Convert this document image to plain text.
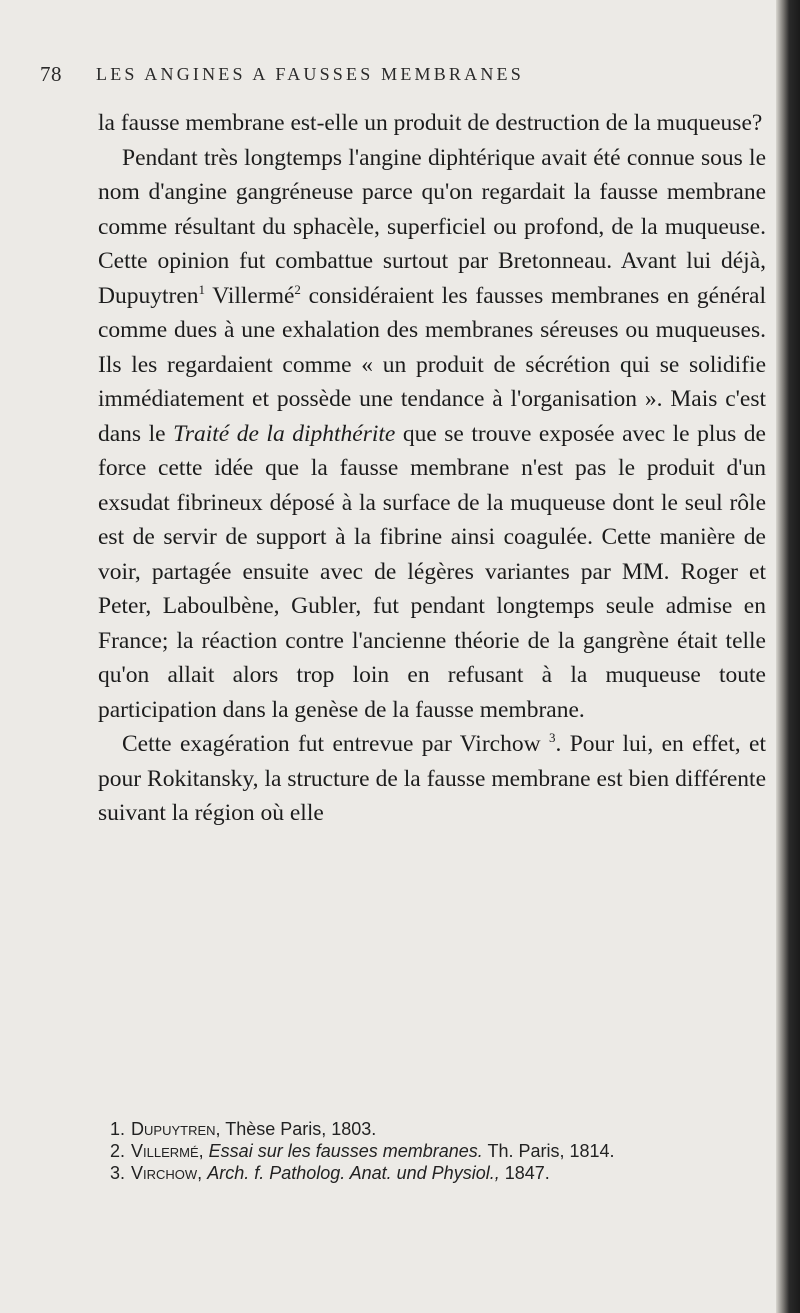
78 LES ANGINES A FAUSSES MEMBRANES

la fausse membrane est-elle un produit de destruction de la muqueuse?

Pendant très longtemps l'angine diphtérique avait été connue sous le nom d'angine gangréneuse parce qu'on regardait la fausse membrane comme résultant du sphacèle, superficiel ou profond, de la muqueuse. Cette opinion fut combattue surtout par Bretonneau. Avant lui déjà, Dupuytren$^1$ Villermé$^2$ considéraient les fausses membranes en général comme dues à une exhalation des membranes séreuses ou muqueuses. Ils les regardaient comme « un produit de sécrétion qui se solidifie immédiatement et possède une tendance à l'organisation ». Mais c'est dans le Traité de la diphthérite que se trouve exposée avec le plus de force cette idée que la fausse membrane n'est pas le produit d'un exsudat fibrineux déposé à la surface de la muqueuse dont le seul rôle est de servir de support à la fibrine ainsi coagulée. Cette manière de voir, partagée ensuite avec de légères variantes par MM. Roger et Peter, Laboulbène, Gubler, fut pendant longtemps seule admise en France; la réaction contre l'ancienne théorie de la gangrène était telle qu'on allait alors trop loin en refusant à la muqueuse toute participation dans la genèse de la fausse membrane.

Cette exagération fut entrevue par Virchow $^3$. Pour lui, en effet, et pour Rokitansky, la structure de la fausse membrane est bien différente suivant la région où elle

1. Dupuytren, Thèse Paris, 1803.
2. Villermé, Essai sur les fausses membranes. Th. Paris, 1814.
3. Virchow, Arch. f. Patholog. Anat. und Physiol., 1847.
